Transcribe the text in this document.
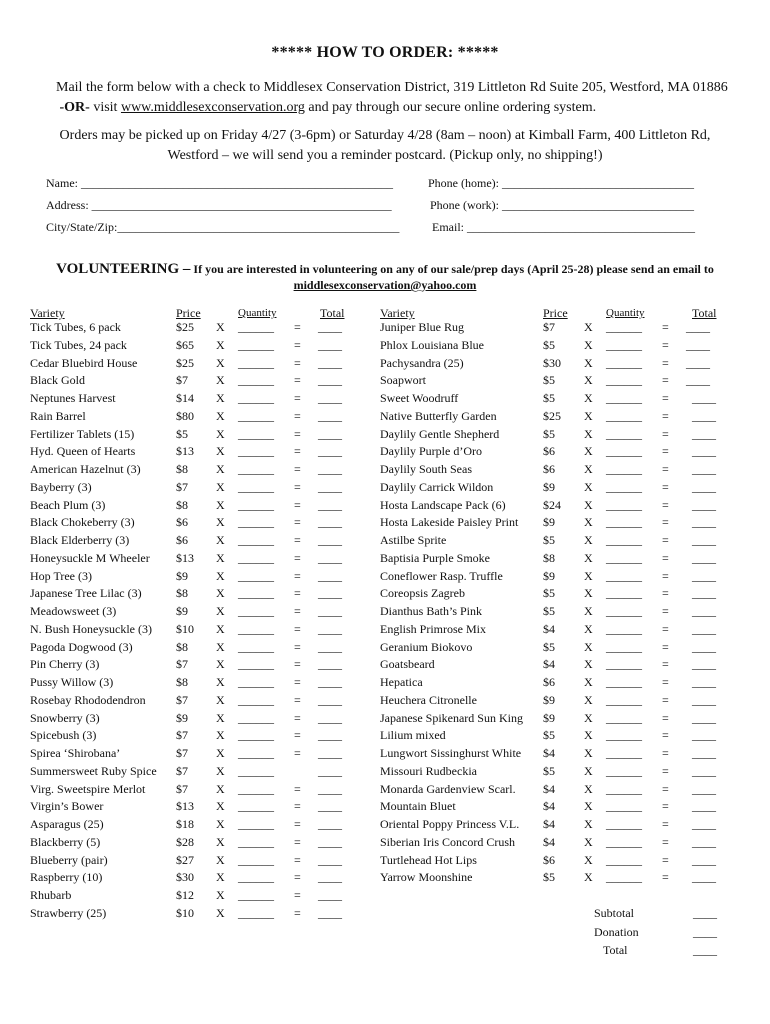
***** HOW TO ORDER: *****
Mail the form below with a check to Middlesex Conservation District, 319 Littleton Rd Suite 205, Westford, MA 01886  -OR- visit www.middlesexconservation.org and pay through our secure online ordering system.
Orders may be picked up on Friday 4/27 (3-6pm) or Saturday 4/28 (8am – noon) at Kimball Farm, 400 Littleton Rd, Westford – we will send you a reminder postcard. (Pickup only, no shipping!)
Name: ____________________________________________________	Phone (home): ________________________________
Address: __________________________________________________	Phone (work): ________________________________
City/State/Zip:_______________________________________________	Email: ______________________________________
VOLUNTEERING – If you are interested in volunteering on any of our sale/prep days (April 25-28) please send an email to middlesexconservation@yahoo.com
Variety	Price	Quantity	Total	Variety	Price	Quantity	Total
Tick Tubes, 6 pack	$25 X ______ = ____
Tick Tubes, 24 pack	$65 X ______ = ____
Cedar Bluebird House	$25 X ______ = ____
Black Gold	$7 X ______ = ____
Neptunes Harvest	$14 X ______ = ____
Rain Barrel	$80 X ______ = ____
Fertilizer Tablets (15)	$5 X ______ = ____
Hyd. Queen of Hearts	$13 X ______ = ____
American Hazelnut (3)	$8 X ______ = ____
Bayberry (3)	$7 X ______ = ____
Beach Plum (3)	$8 X ______ = ____
Black Chokeberry (3)	$6 X ______ = ____
Black Elderberry (3)	$6 X ______ = ____
Honeysuckle M Wheeler $13 X ______ = ____
Hop Tree (3)	$9 X ______ = ____
Japanese Tree Lilac (3)	$8 X ______ = ____
Meadowsweet (3)	$9 X ______ = ____
N. Bush Honeysuckle (3) $10 X ______ = ____
Pagoda Dogwood (3)	$8 X ______ = ____
Pin Cherry (3)	$7 X ______ = ____
Pussy Willow (3)	$8 X ______ = ____
Rosebay Rhododendron	$7 X ______ = ____
Snowberry (3)	$9 X ______ = ____
Spicebush (3)	$7 X ______ = ____
Spirea ‘Shirobana’	$7 X ______ = ____
Summersweet Ruby Spice $7 X ______	____
Virg. Sweetspire Merlot	$7 X ______ = ____
Virgin’s Bower	$13 X ______ = ____
Asparagus (25)	$18 X ______ = ____
Blackberry (5)	$28 X ______ = ____
Blueberry (pair)	$27 X ______ = ____
Raspberry (10)	$30 X ______ = ____
Rhubarb	$12 X ______ = ____
Strawberry (25)	$10 X ______ = ____
Juniper Blue Rug	$7 X ______ = ____
Phlox Louisiana Blue	$5 X ______ = ____
Pachysandra (25)	$30 X ______ = ____
Soapwort	$5 X ______ = ____
Sweet Woodruff	$5 X ______ = ____
Native Butterfly Garden	$25 X ______ = ____
Daylily Gentle Shepherd	$5 X ______ = ____
Daylily Purple d’Oro	$6 X ______ = ____
Daylily South Seas	$6 X ______ = ____
Daylily Carrick Wildon	$9 X ______ = ____
Hosta Landscape Pack (6)	$24 X ______ = ____
Hosta Lakeside Paisley Print $9 X ______ = ____
Astilbe Sprite	$5 X ______ = ____
Baptisia Purple Smoke	$8 X ______ = ____
Coneflower Rasp. Truffle	$9 X ______ = ____
Coreopsis Zagreb	$5 X ______ = ____
Dianthus Bath’s Pink	$5 X ______ = ____
English Primrose Mix	$4 X ______ = ____
Geranium Biokovo	$5 X ______ = ____
Goatsbeard	$4 X ______ = ____
Hepatica	$6 X ______ = ____
Heuchera Citronelle	$9 X ______ = ____
Japanese Spikenard Sun King $9 X ______ = ____
Lilium mixed	$5 X ______ = ____
Lungwort Sissinghurst White $4 X ______ = ____
Missouri Rudbeckia	$5 X ______ = ____
Monarda Gardenview Scarl. $4 X ______ = ____
Mountain Bluet	$4 X ______ = ____
Oriental Poppy Princess V.L. $4 X ______ = ____
Siberian Iris Concord Crush $4 X ______ = ____
Turtlehead Hot Lips	$6 X ______ = ____
Yarrow Moonshine	$5 X ______ = ____
Subtotal	____
Donation	____
Total	____
